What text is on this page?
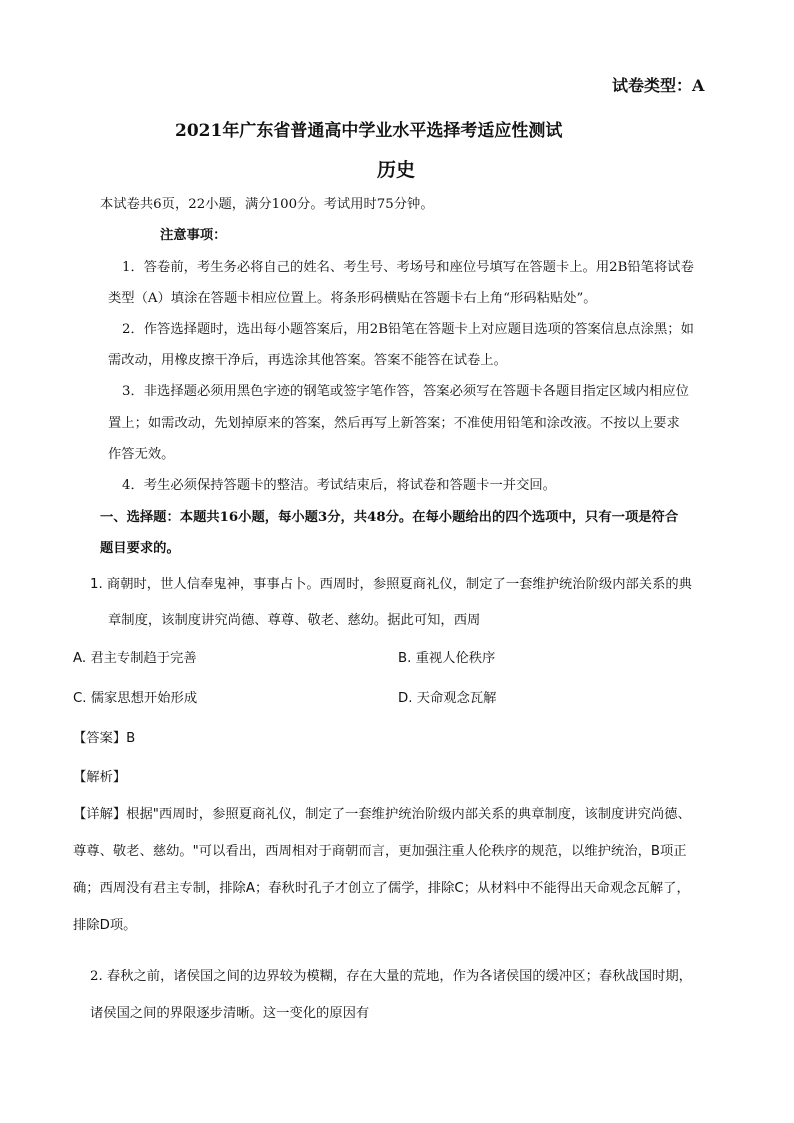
试卷类型：A
2021年广东省普通高中学业水平选择考适应性测试
历史
本试卷共6页，22小题，满分100分。考试用时75分钟。
注意事项：
1．答卷前，考生务必将自己的姓名、考生号、考场号和座位号填写在答题卡上。用2B铅笔将试卷
类型（A）填涂在答题卡相应位置上。将条形码横贴在答题卡右上角“形码粘贴处”。
2．作答选择题时，选出每小题答案后，用2B铅笔在答题卡上对应题目选项的答案信息点涂黑；如
需改动，用橡皮擦干净后，再选涂其他答案。答案不能答在试卷上。
3．非选择题必须用黑色字迹的钢笔或签字笔作答，答案必须写在答题卡各题目指定区域内相应位
置上；如需改动，先划掉原来的答案，然后再写上新答案；不准使用铅笔和涂改液。不按以上要求
作答无效。
4．考生必须保持答题卡的整洁。考试结束后，将试卷和答题卡一并交回。
一、选择题：本题共16小题，每小题3分，共48分。在每小题给出的四个选项中，只有一项是符合
题目要求的。
1. 商朝时，世人信奉鬼神，事事占卜。西周时，参照夏商礼仪，制定了一套维护统治阶级内部关系的典
章制度，该制度讲究尚德、尊尊、敬老、慈幼。据此可知，西周
A. 君主专制趋于完善	B. 重视人伦秩序
C. 儒家思想开始形成	D. 天命观念瓦解
【答案】B
【解析】
【详解】根据"西周时，参照夏商礼仪，制定了一套维护统治阶级内部关系的典章制度，该制度讲究尚德、
尊尊、敬老、慈幼。"可以看出，西周相对于商朝而言，更加强注重人伦秩序的规范，以维护统治，B项正
确；西周没有君主专制，排除A；春秋时孔子才创立了儒学，排除C；从材料中不能得出天命观念瓦解了，
排除D项。
2. 春秋之前，诸侯国之间的边界较为模糊，存在大量的荒地，作为各诸侯国的缓冲区；春秋战国时期，
诸侯国之间的界限逐步清晰。这一变化的原因有
